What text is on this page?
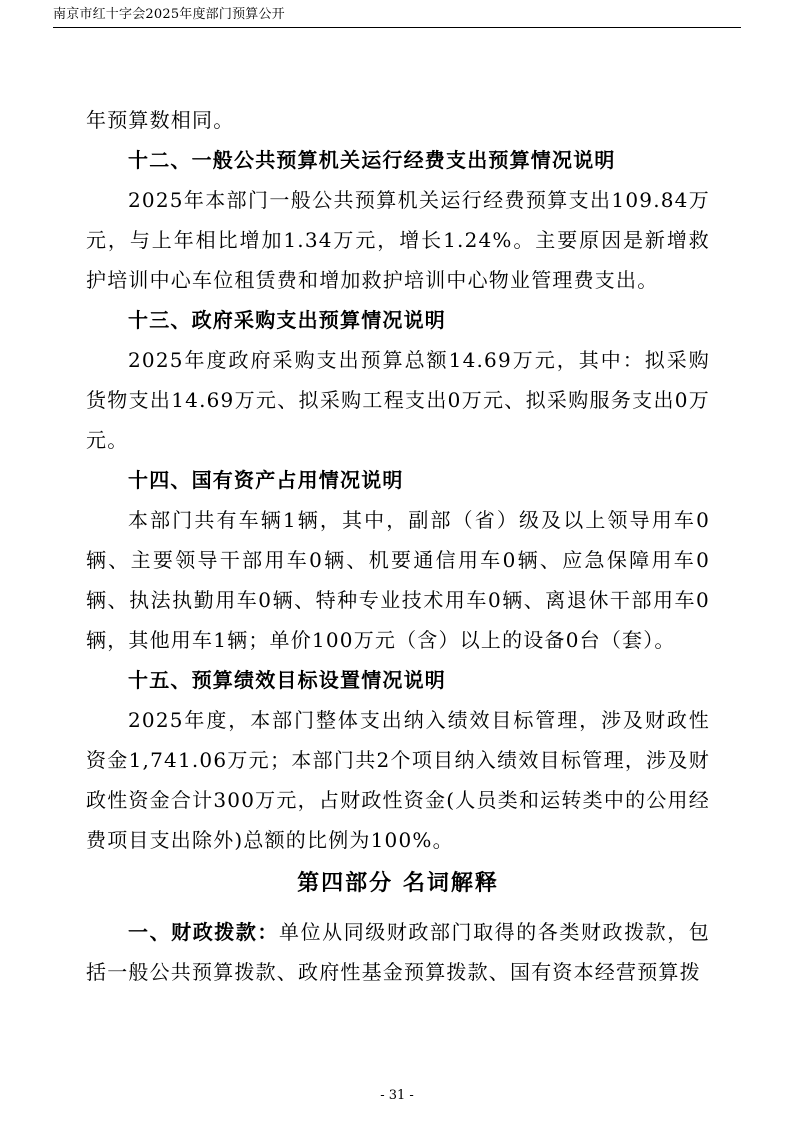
南京市红十字会2025年度部门预算公开

年预算数相同。

十二、一般公共预算机关运行经费支出预算情况说明

2025年本部门一般公共预算机关运行经费预算支出109.84万元，与上年相比增加1.34万元，增长1.24%。主要原因是新增救护培训中心车位租赁费和增加救护培训中心物业管理费支出。

十三、政府采购支出预算情况说明

2025年度政府采购支出预算总额14.69万元，其中：拟采购货物支出14.69万元、拟采购工程支出0万元、拟采购服务支出0万元。

十四、国有资产占用情况说明

本部门共有车辆1辆，其中，副部（省）级及以上领导用车0辆、主要领导干部用车0辆、机要通信用车0辆、应急保障用车0辆、执法执勤用车0辆、特种专业技术用车0辆、离退休干部用车0辆，其他用车1辆；单价100万元（含）以上的设备0台（套）。

十五、预算绩效目标设置情况说明

2025年度，本部门整体支出纳入绩效目标管理，涉及财政性资金1,741.06万元；本部门共2个项目纳入绩效目标管理，涉及财政性资金合计300万元，占财政性资金(人员类和运转类中的公用经费项目支出除外)总额的比例为100%。

第四部分 名词解释

一、财政拨款：单位从同级财政部门取得的各类财政拨款，包括一般公共预算拨款、政府性基金预算拨款、国有资本经营预算拨

- 31 -
